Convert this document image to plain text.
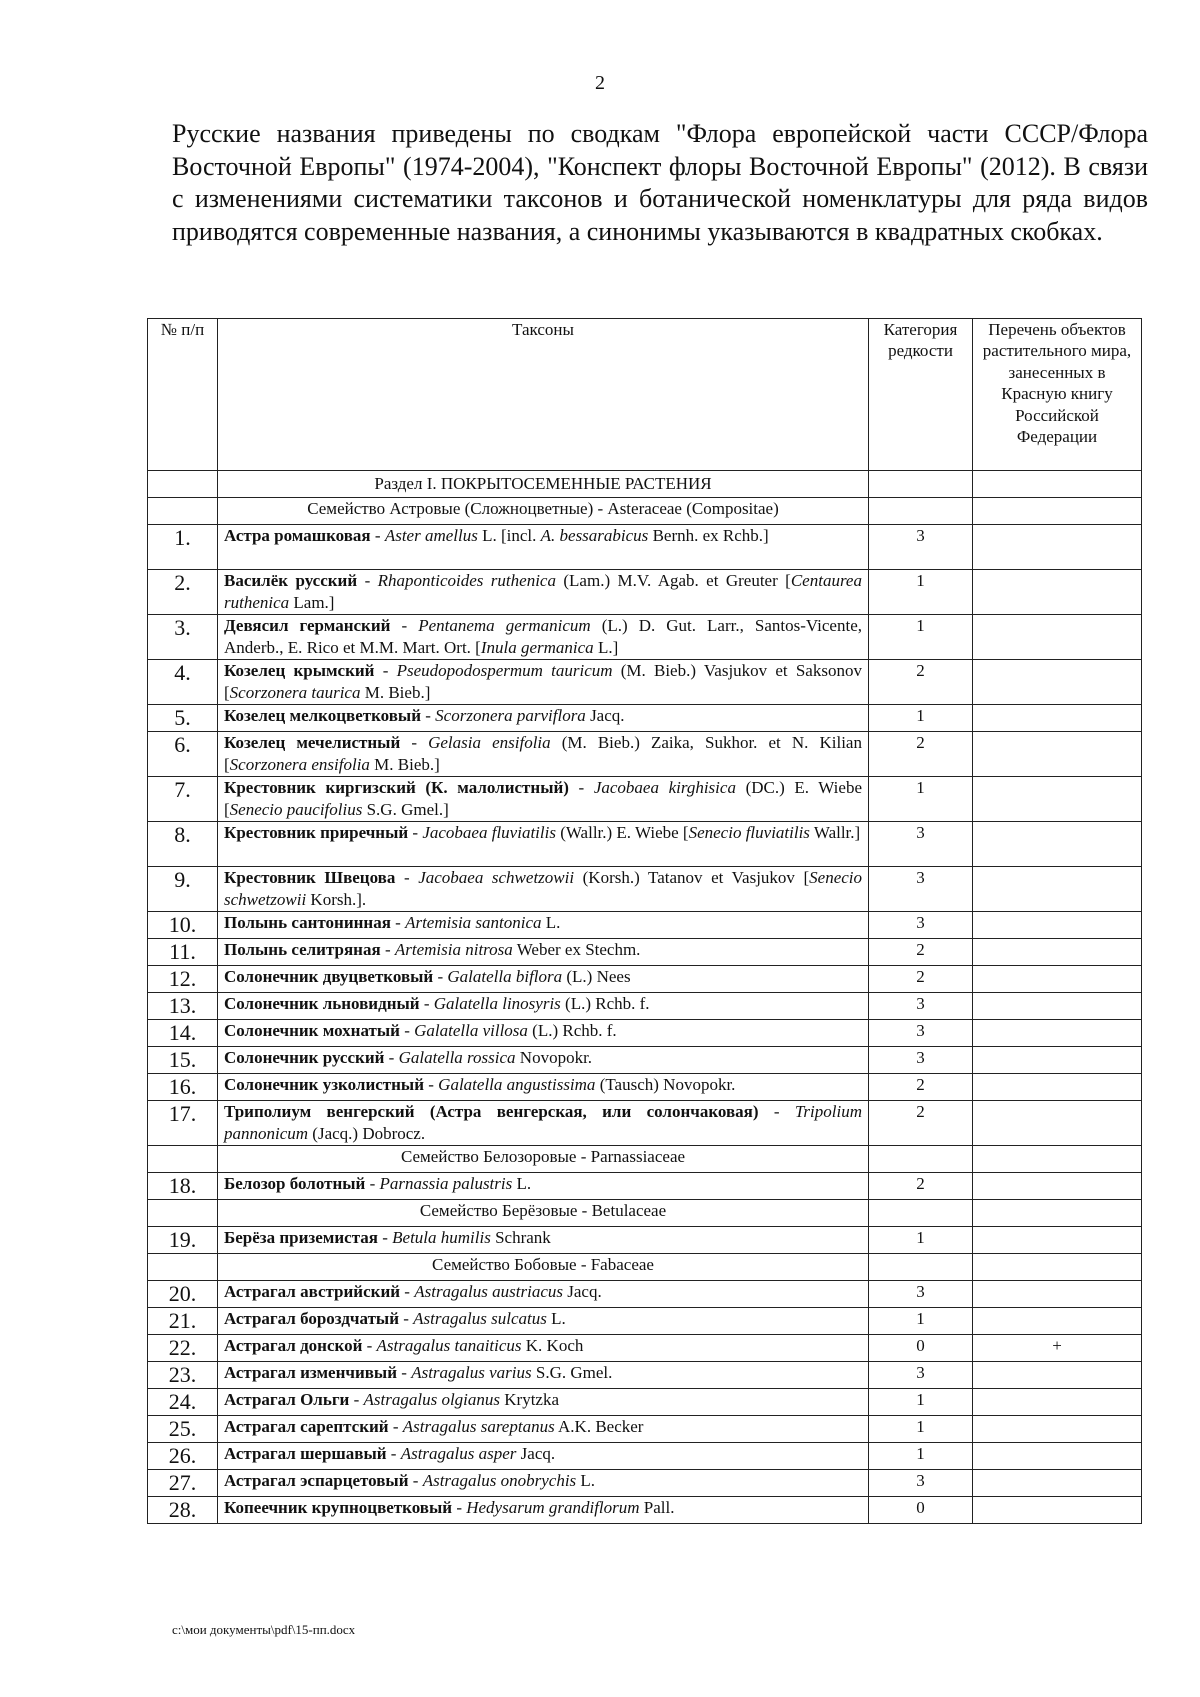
2

Русские названия приведены по сводкам "Флора европейской части СССР/Флора Восточной Европы" (1974-2004), "Конспект флоры Восточной Европы" (2012). В связи с изменениями систематики таксонов и ботанической номенклатуры для ряда видов приводятся современные названия, а синонимы указываются в квадратных скобках.

№ п/п	Таксоны	Категория редкости	Перечень объектов растительного мира, занесенных в Красную книгу Российской Федерации
	Раздел I. ПОКРЫТОСЕМЕННЫЕ РАСТЕНИЯ		
	Семейство Астровые (Сложноцветные) - Asteraceae (Compositae)		
1.	Астра ромашковая - Aster amellus L. [incl. A. bessarabicus Bernh. ex Rchb.]	3	
2.	Василёк русский - Rhaponticoides ruthenica (Lam.) M.V. Agab. et Greuter [Centaurea ruthenica Lam.]	1	
3.	Девясил германский - Pentanema germanicum (L.) D. Gut. Larr., Santos-Vicente, Anderb., E. Rico et M.M. Mart. Ort. [Inula germanica L.]	1	
4.	Козелец крымский - Pseudopodospermum tauricum (M. Bieb.) Vasjukov et Saksonov [Scorzonera taurica M. Bieb.]	2	
5.	Козелец мелкоцветковый - Scorzonera parviflora Jacq.	1	
6.	Козелец мечелистный - Gelasia ensifolia (M. Bieb.) Zaika, Sukhor. et N. Kilian [Scorzonera ensifolia M. Bieb.]	2	
7.	Крестовник киргизский (К. малолистный) - Jacobaea kirghisica (DC.) E. Wiebe [Senecio paucifolius S.G. Gmel.]	1	
8.	Крестовник приречный - Jacobaea fluviatilis (Wallr.) E. Wiebe [Senecio fluviatilis Wallr.]	3	
9.	Крестовник Швецова - Jacobaea schwetzowii (Korsh.) Tatanov et Vasjukov [Senecio schwetzowii Korsh.].	3	
10.	Полынь сантонинная - Artemisia santonica L.	3	
11.	Полынь селитряная - Artemisia nitrosa Weber ex Stechm.	2	
12.	Солонечник двуцветковый - Galatella biflora (L.) Nees	2	
13.	Солонечник льновидный - Galatella linosyris (L.) Rchb. f.	3	
14.	Солонечник мохнатый - Galatella villosa (L.) Rchb. f.	3	
15.	Солонечник русский - Galatella rossica Novopokr.	3	
16.	Солонечник узколистный - Galatella angustissima (Tausch) Novopokr.	2	
17.	Триполиум венгерский (Астра венгерская, или солончаковая) - Tripolium pannonicum (Jacq.) Dobrocz.	2	
	Семейство Белозоровые - Parnassiaceae		
18.	Белозор болотный - Parnassia palustris L.	2	
	Семейство Берёзовые - Betulaceae		
19.	Берёза приземистая - Betula humilis Schrank	1	
	Семейство Бобовые - Fabaceae		
20.	Астрагал австрийский - Astragalus austriacus Jacq.	3	
21.	Астрагал бороздчатый - Astragalus sulcatus L.	1	
22.	Астрагал донской - Astragalus tanaiticus K. Koch	0	+
23.	Астрагал изменчивый - Astragalus varius S.G. Gmel.	3	
24.	Астрагал Ольги - Astragalus olgianus Krytzka	1	
25.	Астрагал сарептский - Astragalus sareptanus A.K. Becker	1	
26.	Астрагал шершавый - Astragalus asper Jacq.	1	
27.	Астрагал эспарцетовый - Astragalus onobrychis L.	3	
28.	Копеечник крупноцветковый - Hedysarum grandiflorum Pall.	0	
c:\мои документы\pdf\15-пп.docx
